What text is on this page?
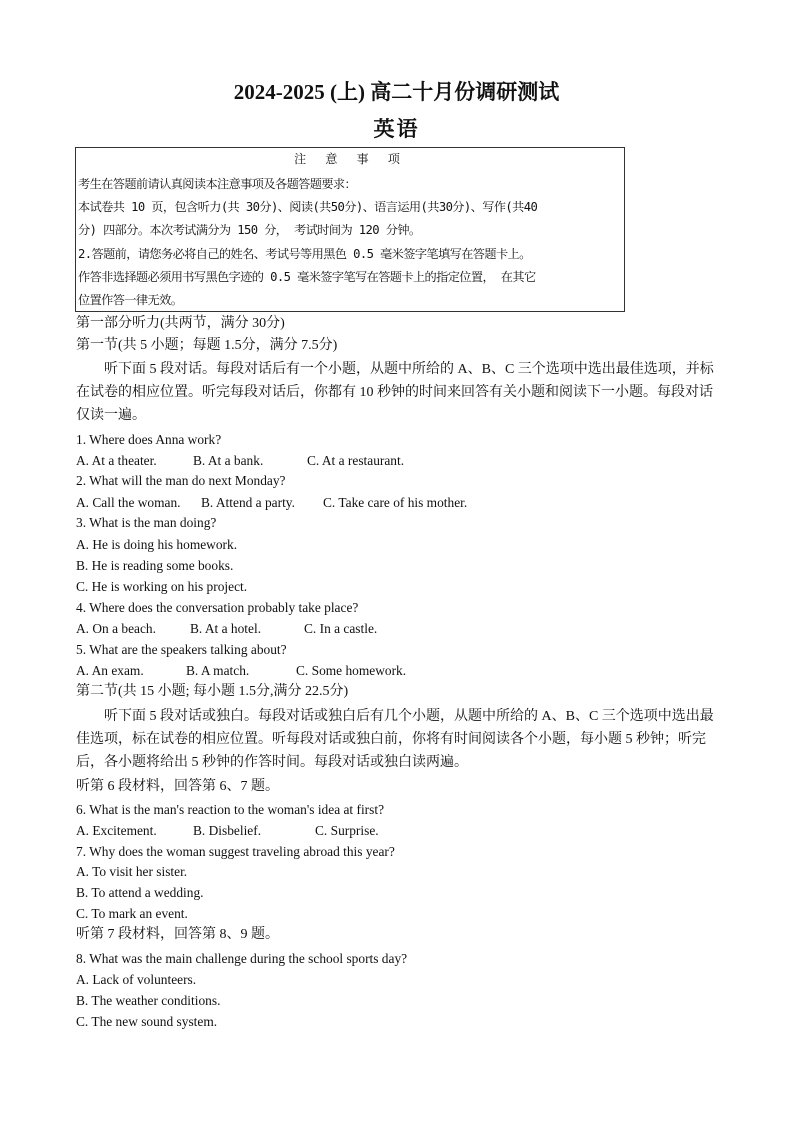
2024-2025 (上) 高二十月份调研测试
英语
注 意 事 项
考生在答题前请认真阅读本注意事项及各题答题要求：
本试卷共 10 页，包含听力(共 30分)、阅读(共50分)、语言运用(共30分)、写作(共40
分) 四部分。本次考试满分为 150 分， 考试时间为 120 分钟。
2.答题前，请您务必将自己的姓名、考试号等用黑色 0.5 毫米签字笔填写在答题卡上。
作答非选择题必须用书写黑色字迹的 0.5 毫米签字笔写在答题卡上的指定位置， 在其它
位置作答一律无效。
第一部分听力(共两节，满分 30分)
第一节(共 5 小题；每题 1.5分，满分 7.5分)
听下面 5 段对话。每段对话后有一个小题，从题中所给的 A、B、C 三个选项中选出最佳选项，并标在试卷的相应位置。听完每段对话后，你都有 10 秒钟的时间来回答有关小题和阅读下一小题。每段对话仅读一遍。
1. Where does Anna work?
A. At a theater.	B. At a bank.	C. At a restaurant.
2. What will the man do next Monday?
A. Call the woman. B. Attend a party. C. Take care of his mother.
3. What is the man doing?
A. He is doing his homework.
B. He is reading some books.
C. He is working on his project.
4. Where does the conversation probably take place?
A. On a beach.	B. At a hotel.	C. In a castle.
5. What are the speakers talking about?
A. An exam.	B. A match.	C. Some homework.
第二节(共 15 小题; 每小题 1.5分,满分 22.5分)
听下面 5 段对话或独白。每段对话或独白后有几个小题，从题中所给的 A、B、C 三个选项中选出最佳选项，标在试卷的相应位置。听每段对话或独白前，你将有时间阅读各个小题，每小题 5 秒钟；听完后，各小题将给出 5 秒钟的作答时间。每段对话或独白读两遍。
听第 6 段材料，回答第 6、7 题。
6. What is the man's reaction to the woman's idea at first?
A. Excitement.	B. Disbelief.	C. Surprise.
7. Why does the woman suggest traveling abroad this year?
A. To visit her sister.
B. To attend a wedding.
C. To mark an event.
听第 7 段材料，回答第 8、9 题。
8. What was the main challenge during the school sports day?
A. Lack of volunteers.
B. The weather conditions.
C. The new sound system.
